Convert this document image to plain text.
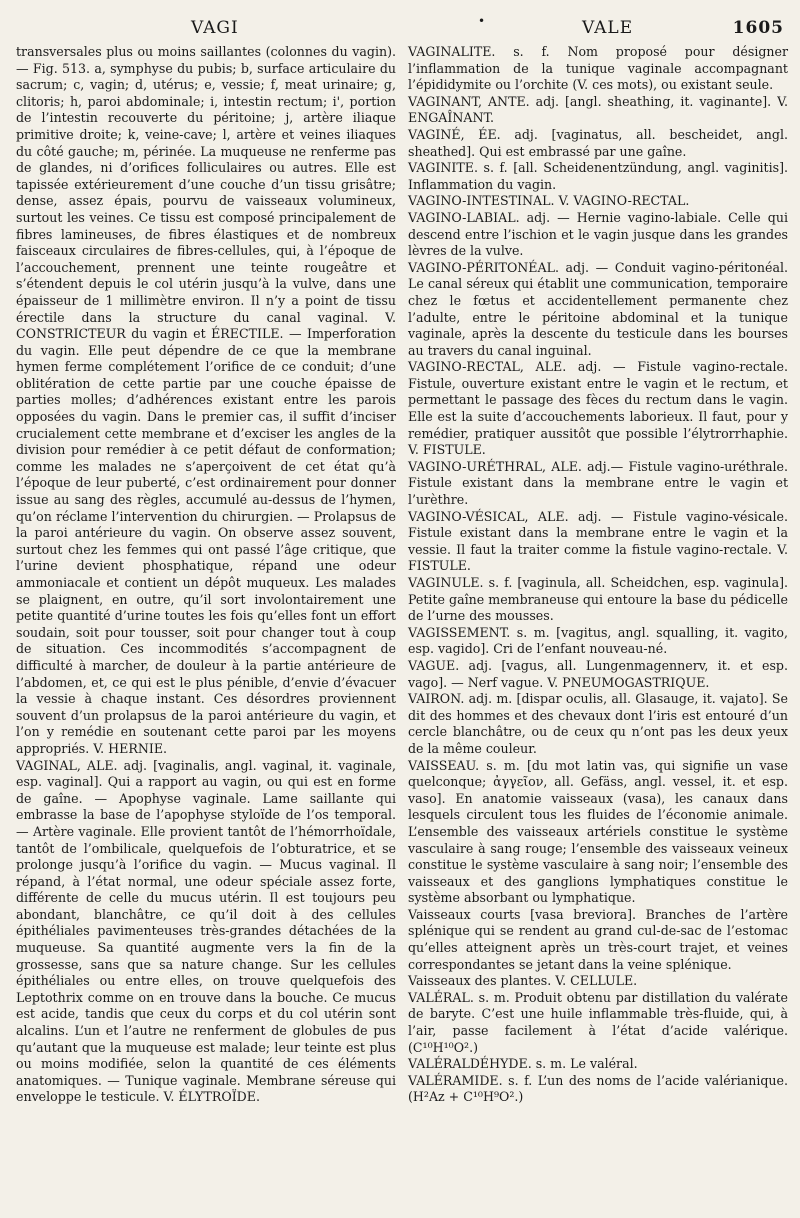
VAGI	•	VALE	1605

transversales plus ou moins saillantes (colonnes du vagin). — Fig. 513. a, symphyse du pubis; b, surface articulaire du sacrum; c, vagin; d, utérus; e, vessie; f, meat urinaire; g, clitoris; h, paroi abdominale; i, intestin rectum; i', portion de l’intestin recouverte du péritoine; j, artère iliaque primitive droite; k, veine-cave; l, artère et veines iliaques du côté gauche; m, périnée. La muqueuse ne renferme pas de glandes, ni d’orifices folliculaires ou autres. Elle est tapissée extérieurement d’une couche d’un tissu grisâtre; dense, assez épais, pourvu de vaisseaux volumineux, surtout les veines. Ce tissu est composé principalement de fibres lamineuses, de fibres élastiques et de nombreux faisceaux circulaires de fibres-cellules, qui, à l’époque de l’accouchement, prennent une teinte rougeâtre et s’étendent depuis le col utérin jusqu’à la vulve, dans une épaisseur de 1 millimètre environ. Il n’y a point de tissu érectile dans la structure du canal vaginal. V. CONSTRICTEUR du vagin et ÉRECTILE. — Imperforation du vagin. Elle peut dépendre de ce que la membrane hymen ferme complétement l’orifice de ce conduit; d’une oblitération de cette partie par une couche épaisse de parties molles; d’adhérences existant entre les parois opposées du vagin. Dans le premier cas, il suffit d’inciser crucialement cette membrane et d’exciser les angles de la division pour remédier à ce petit défaut de conformation; comme les malades ne s’aperçoivent de cet état qu’à l’époque de leur puberté, c’est ordinairement pour donner issue au sang des règles, accumulé au-dessus de l’hymen, qu’on réclame l’intervention du chirurgien. — Prolapsus de la paroi antérieure du vagin. On observe assez souvent, surtout chez les femmes qui ont passé l’âge critique, que l’urine devient phosphatique, répand une odeur ammoniacale et contient un dépôt muqueux. Les malades se plaignent, en outre, qu’il sort involontairement une petite quantité d’urine toutes les fois qu’elles font un effort soudain, soit pour tousser, soit pour changer tout à coup de situation. Ces incommodités s’accompagnent de difficulté à marcher, de douleur à la partie antérieure de l’abdomen, et, ce qui est le plus pénible, d’envie d’évacuer la vessie à chaque instant. Ces désordres proviennent souvent d’un prolapsus de la paroi antérieure du vagin, et l’on y remédie en soutenant cette paroi par les moyens appropriés. V. HERNIE.

VAGINAL, ALE. adj. [vaginalis, angl. vaginal, it. vaginale, esp. vaginal]. Qui a rapport au vagin, ou qui est en forme de gaîne. — Apophyse vaginale. Lame saillante qui embrasse la base de l’apophyse styloïde de l’os temporal. — Artère vaginale. Elle provient tantôt de l’hémorrhoïdale, tantôt de l’ombilicale, quelquefois de l’obturatrice, et se prolonge jusqu’à l’orifice du vagin. — Mucus vaginal. Il répand, à l’état normal, une odeur spéciale assez forte, différente de celle du mucus utérin. Il est toujours peu abondant, blanchâtre, ce qu’il doit à des cellules épithéliales pavimenteuses très-grandes détachées de la muqueuse. Sa quantité augmente vers la fin de la grossesse, sans que sa nature change. Sur les cellules épithéliales ou entre elles, on trouve quelquefois des Leptothrix comme on en trouve dans la bouche. Ce mucus est acide, tandis que ceux du corps et du col utérin sont alcalins. L’un et l’autre ne renferment de globules de pus qu’autant que la muqueuse est malade; leur teinte est plus ou moins modifiée, selon la quantité de ces éléments anatomiques. — Tunique vaginale. Membrane séreuse qui enveloppe le testicule. V. ÉLYTROÏDE.

VAGINALITE. s. f. Nom proposé pour désigner l’inflammation de la tunique vaginale accompagnant l’épididymite ou l’orchite (V. ces mots), ou existant seule.

VAGINANT, ANTE. adj. [angl. sheathing, it. vaginante]. V. ENGAÎNANT.

VAGINÉ, ÉE. adj. [vaginatus, all. bescheidet, angl. sheathed]. Qui est embrassé par une gaîne.

VAGINITE. s. f. [all. Scheidenentzündung, angl. vaginitis]. Inflammation du vagin.

VAGINO-INTESTINAL. V. VAGINO-RECTAL.

VAGINO-LABIAL. adj. — Hernie vagino-labiale. Celle qui descend entre l’ischion et le vagin jusque dans les grandes lèvres de la vulve.

VAGINO-PÉRITONÉAL. adj. — Conduit vagino-péritonéal. Le canal séreux qui établit une communication, temporaire chez le fœtus et accidentellement permanente chez l’adulte, entre le péritoine abdominal et la tunique vaginale, après la descente du testicule dans les bourses au travers du canal inguinal.

VAGINO-RECTAL, ALE. adj. — Fistule vagino-rectale. Fistule, ouverture existant entre le vagin et le rectum, et permettant le passage des fèces du rectum dans le vagin. Elle est la suite d’accouchements laborieux. Il faut, pour y remédier, pratiquer aussitôt que possible l’élytrorrhaphie. V. FISTULE.

VAGINO-URÉTHRAL, ALE. adj.— Fistule vagino-uréthrale. Fistule existant dans la membrane entre le vagin et l’urèthre.

VAGINO-VÉSICAL, ALE. adj. — Fistule vagino-vésicale. Fistule existant dans la membrane entre le vagin et la vessie. Il faut la traiter comme la fistule vagino-rectale. V. FISTULE.

VAGINULE. s. f. [vaginula, all. Scheidchen, esp. vaginula]. Petite gaîne membraneuse qui entoure la base du pédicelle de l’urne des mousses.

VAGISSEMENT. s. m. [vagitus, angl. squalling, it. vagito, esp. vagido]. Cri de l’enfant nouveau-né.

VAGUE. adj. [vagus, all. Lungenmagennerv, it. et esp. vago]. — Nerf vague. V. PNEUMOGASTRIQUE.

VAIRON. adj. m. [dispar oculis, all. Glasauge, it. vajato]. Se dit des hommes et des chevaux dont l’iris est entouré d’un cercle blanchâtre, ou de ceux qu n’ont pas les deux yeux de la même couleur.

VAISSEAU. s. m. [du mot latin vas, qui signifie un vase quelconque; ἀγγεῖον, all. Gefäss, angl. vessel, it. et esp. vaso]. En anatomie vaisseaux (vasa), les canaux dans lesquels circulent tous les fluides de l’économie animale. L’ensemble des vaisseaux artériels constitue le système vasculaire à sang rouge; l’ensemble des vaisseaux veineux constitue le système vasculaire à sang noir; l’ensemble des vaisseaux et des ganglions lymphatiques constitue le système absorbant ou lymphatique.

Vaisseaux courts [vasa breviora]. Branches de l’artère splénique qui se rendent au grand cul-de-sac de l’estomac qu’elles atteignent après un très-court trajet, et veines correspondantes se jetant dans la veine splénique.

Vaisseaux des plantes. V. CELLULE.

VALÉRAL. s. m. Produit obtenu par distillation du valérate de baryte. C’est une huile inflammable très-fluide, qui, à l’air, passe facilement à l’état d’acide valérique. (C¹⁰H¹⁰O².)

VALÉRALDÉHYDE. s. m. Le valéral.

VALÉRAMIDE. s. f. L’un des noms de l’acide valérianique. (H²Az + C¹⁰H⁹O².)
